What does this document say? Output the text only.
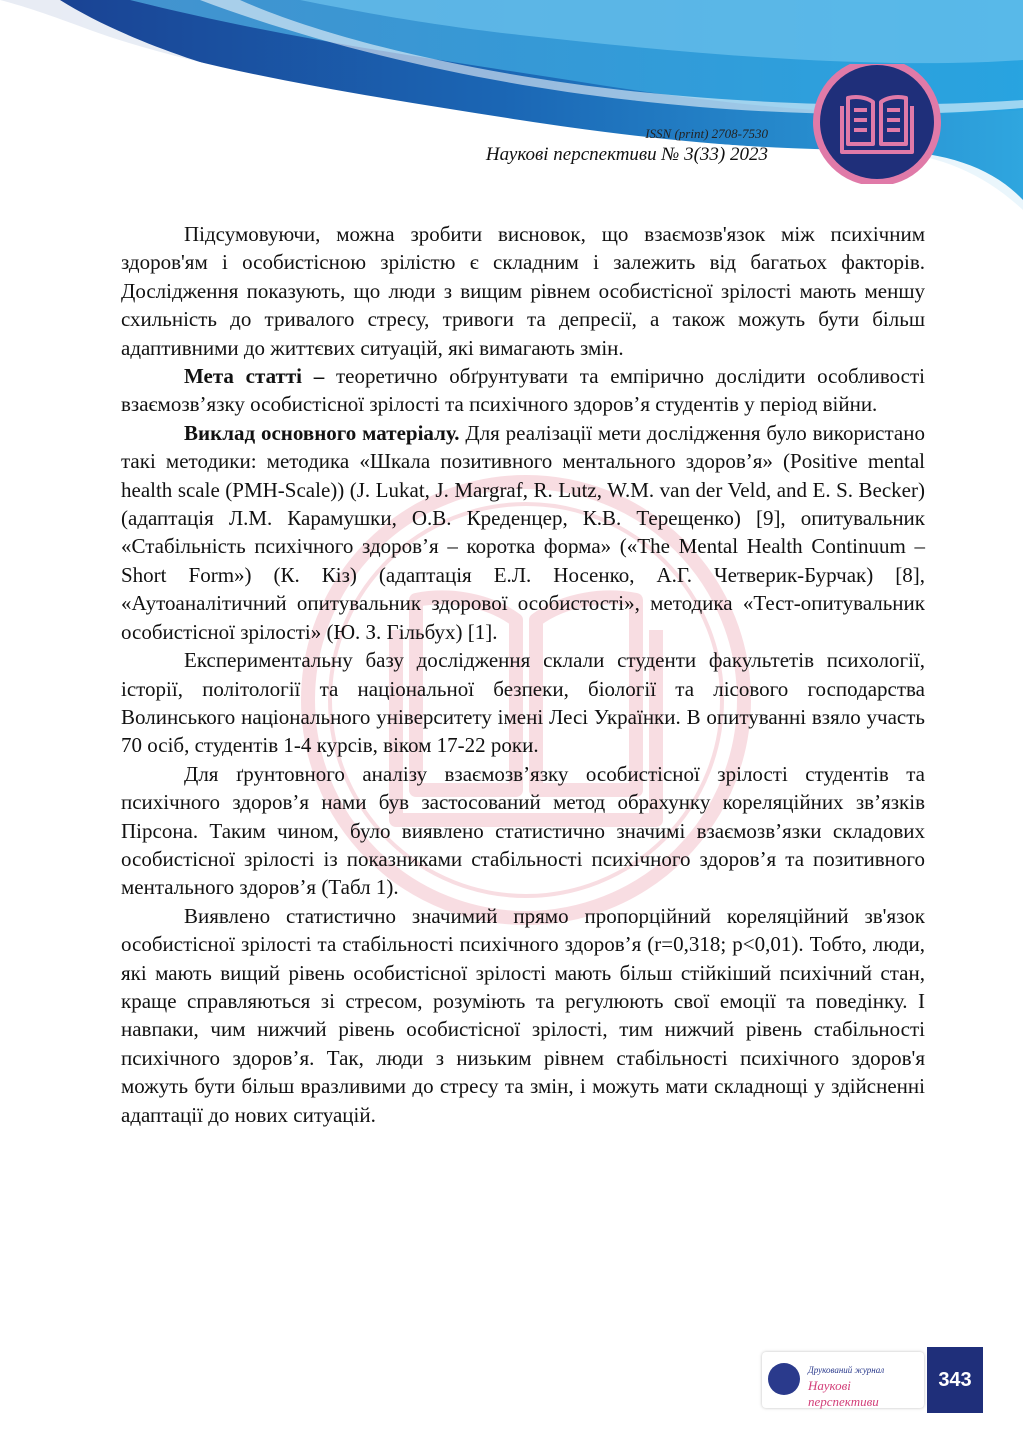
ISSN (print) 2708-7530
Наукові перспективи № 3(33) 2023

Підсумовуючи, можна зробити висновок, що взаємозв'язок між психічним здоров'ям і особистісною зрілістю є складним і залежить від багатьох факторів. Дослідження показують, що люди з вищим рівнем особистісної зрілості мають меншу схильність до тривалого стресу, тривоги та депресії, а також можуть бути більш адаптивними до життєвих ситуацій, які вимагають змін.

Мета статті – теоретично обґрунтувати та емпірично дослідити особливості взаємозв’язку особистісної зрілості та психічного здоров’я студентів у період війни.

Виклад основного матеріалу. Для реалізації мети дослідження було використано такі методики: методика «Шкала позитивного ментального здоров’я» (Positive mental health scale (PMH-Scale)) (J. Lukat, J. Margraf, R. Lutz, W.M. van der Veld, and E. S. Becker) (адаптація Л.М. Карамушки, О.В. Креденцер, К.В. Терещенко) [9], опитувальник «Стабільність психічного здоров’я – коротка форма» («The Mental Health Continuum – Short Form») (К. Кіз) (адаптація Е.Л. Носенко, А.Г. Четверик-Бурчак) [8], «Аутоаналітичний опитувальник здорової особистості», методика «Тест-опитувальник особистісної зрілості» (Ю. З. Гільбух) [1].

Експериментальну базу дослідження склали студенти факультетів психології, історії, політології та національної безпеки, біології та лісового господарства Волинського національного університету імені Лесі Українки. В опитуванні взяло участь 70 осіб, студентів 1-4 курсів, віком 17-22 роки.

Для ґрунтовного аналізу взаємозв’язку особистісної зрілості студентів та психічного здоров’я нами був застосований метод обрахунку кореляційних зв’язків Пірсона. Таким чином, було виявлено статистично значимі взаємозв’язки складових особистісної зрілості із показниками стабільності психічного здоров’я та позитивного ментального здоров’я (Табл 1).

Виявлено статистично значимий прямо пропорційний кореляційний зв'язок особистісної зрілості та стабільності психічного здоров’я (r=0,318; p<0,01). Тобто, люди, які мають вищий рівень особистісної зрілості мають більш стійкіший психічний стан, краще справляються зі стресом, розуміють та регулюють свої емоції та поведінку. І навпаки, чим нижчий рівень особистісної зрілості, тим нижчий рівень стабільності психічного здоров’я. Так, люди з низьким рівнем стабільності психічного здоров'я можуть бути більш вразливими до стресу та змін, і можуть мати складнощі у здійсненні адаптації до нових ситуацій.

Друкований журнал
Наукові перспективи
343
